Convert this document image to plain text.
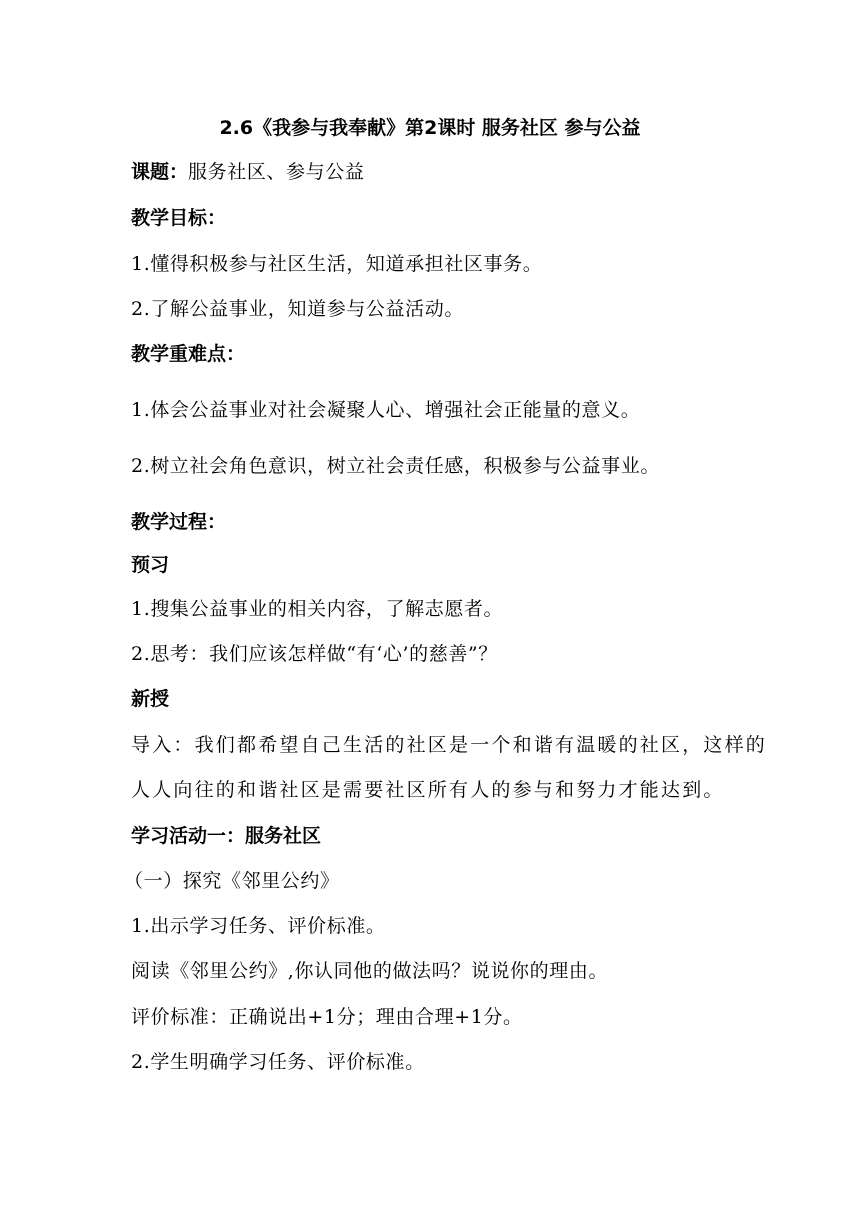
2.6《我参与我奉献》第2课时 服务社区 参与公益
课题：服务社区、参与公益
教学目标：
1.懂得积极参与社区生活，知道承担社区事务。
2.了解公益事业，知道参与公益活动。
教学重难点：
1.体会公益事业对社会凝聚人心、增强社会正能量的意义。
2.树立社会角色意识，树立社会责任感，积极参与公益事业。
教学过程：
预习
1.搜集公益事业的相关内容，了解志愿者。
2.思考：我们应该怎样做“有‘心’的慈善”？
新授
导入：我们都希望自己生活的社区是一个和谐有温暖的社区，这样的
人人向往的和谐社区是需要社区所有人的参与和努力才能达到。
学习活动一：服务社区
（一）探究《邻里公约》
1.出示学习任务、评价标准。
阅读《邻里公约》,你认同他的做法吗？说说你的理由。
评价标准：正确说出+1分；理由合理+1分。
2.学生明确学习任务、评价标准。
